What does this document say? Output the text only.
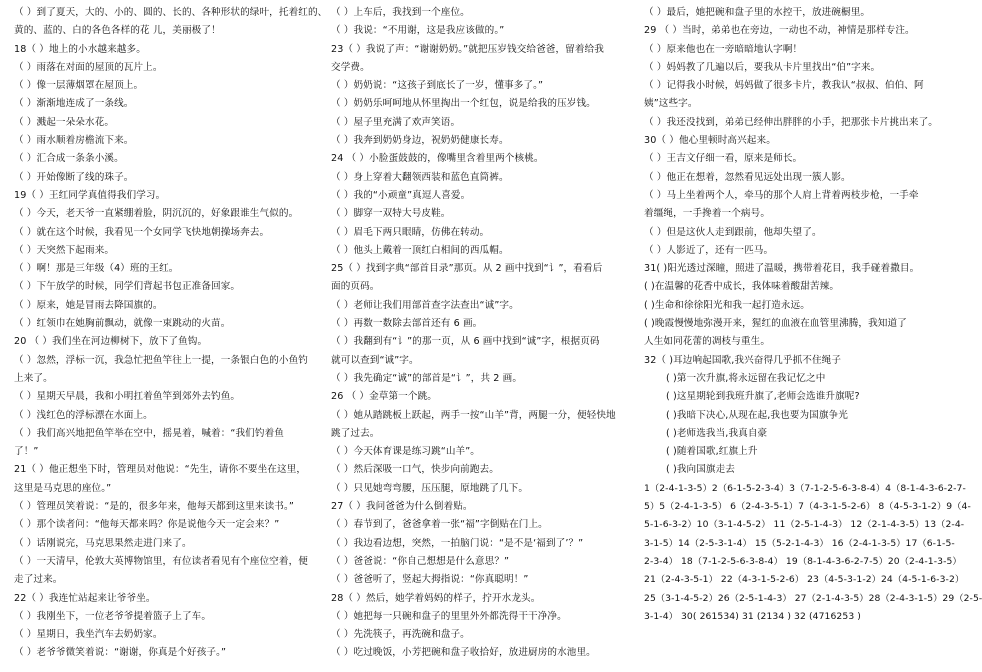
（ ）到了夏天，大的、小的、圆的、长的、各种形状的绿叶，托着红的、
黄的、蓝的、白的各色各样的花 儿，美丽极了！
18（ ）地上的小水越来越多。
（ ）雨落在对面的屋顶的瓦片上。
（ ）像一层薄烟罩在屋顶上。
（ ）渐渐地连成了一条线。
（ ）溅起一朵朵水花。
（ ）雨水顺着房檐流下来。
（ ）汇合成一条条小溪。
（ ）开始像断了线的珠子。
19（ ）王红同学真值得我们学习。
（ ）今天，老天爷一直紧绷着脸，阴沉沉的，好象跟谁生气似的。
（ ）就在这个时候，我看见一个女同学飞快地朝操场奔去。
（ ）天突然下起雨来。
（ ）啊！那是三年级（4）班的王红。
（ ）下午放学的时候，同学们背起书包正准备回家。
（ ）原来，她是冒雨去降国旗的。
（ ）红领巾在她胸前飘动，就像一束跳动的火苗。
20 （ ）我们坐在河边柳树下，放下了鱼钩。
（ ）忽然，浮标一沉，我急忙把鱼竿往上一提，一条银白色的小鱼钓
上来了。
（ ）星期天早晨，我和小明扛着鱼竿到郊外去钓鱼。
（ ）浅红色的浮标漂在水面上。
（ ）我们高兴地把鱼竿举在空中，摇晃着，喊着：“我们钓着鱼
了！”
21（ ）他正想坐下时，管理员对他说：“先生，请你不要坐在这里，
这里是马克思的座位。”
（ ）管理员笑着说：“是的，很多年来，他每天都到这里来读书。”
（ ）那个读者问：“他每天都来吗？你是说他今天一定会来？”
（ ）话刚说完，马克思果然走进门来了。
（ ）一天清早，伦敦大英博物馆里，有位读者看见有个座位空着，便
走了过来。
22（ ）我连忙站起来让爷爷坐。
（ ）我刚坐下，一位老爷爷提着篮子上了车。
（ ）星期日，我坐汽车去奶奶家。
（ ）老爷爷微笑着说：“谢谢，你真是个好孩子。”
（ ）上车后，我找到一个座位。
（ ）我说：“不用谢，这是我应该做的。”
23（ ）我说了声：“谢谢奶奶。”就把压岁钱交给爸爸，留着给我
交学费。
（ ）奶奶说：“这孩子到底长了一岁，懂事多了。”
（ ）奶奶乐呵呵地从怀里掏出一个红包，说是给我的压岁钱。
（ ）屋子里充满了欢声笑语。
（ ）我奔到奶奶身边，祝奶奶健康长寿。
24 （ ）小脸蛋鼓鼓的，像嘴里含着里两个核桃。
（ ）身上穿着大翻领西装和蓝色直筒裤。
（ ）我的“小顽童”真逗人喜爱。
（ ）脚穿一双特大号皮鞋。
（ ）眉毛下两只眼睛，仿佛在转动。
（ ）他头上戴着一顶红白相间的西瓜帽。
25（ ）找到字典“部首目录”那页。从 2 画中找到“讠”，看看后
面的页码。
（ ）老师让我们用部首查字法查出“诚”字。
（ ）再数一数除去部首还有 6 画。
（ ）我翻到有“讠”的那一页，从 6 画中找到“诚”字，根据页码
就可以查到“诚”字。
（ ）我先确定“诚”的部首是“讠”，共 2 画。
26 （ ）金草第一个跳。
（ ）她从踏跳板上跃起，两手一按“山羊”背，两腿一分，便轻快地
跳了过去。
（ ）今天体育课是练习跳“山羊”。
（ ）然后深吸一口气，快步向前跑去。
（ ）只见她弯弯腰，压压腿，原地跳了几下。
27（ ）我问爸爸为什么倒着贴。
（ ）春节到了，爸爸拿着一张“福”字倒贴在门上。
（ ）我边看边想，突然，一拍脑门说：“是不是‘福到了’？”
（ ）爸爸说：“你自己想想是什么意思？”
（ ）爸爸听了，竖起大拇指说：“你真聪明！”
28（ ）然后，她学着妈妈的样子，拧开水龙头。
（ ）她把每一只碗和盘子的里里外外都洗得干干净净。
（ ）先洗筷子，再洗碗和盘子。
（ ）吃过晚饭，小芳把碗和盘子收拾好，放进厨房的水池里。
（ ）最后，她把碗和盘子里的水控干，放进碗橱里。
29 （ ）当时，弟弟也在旁边，一动也不动，神情是那样专注。
（ ）原来他也在一旁暗暗地认字啊！
（ ）妈妈教了几遍以后，要我从卡片里找出“伯”字来。
（ ）记得我小时候，妈妈做了很多卡片，教我认“叔叔、伯伯、阿
姨”这些字。
（ ）我还没找到，弟弟已经伸出胖胖的小手，把那张卡片挑出来了。
30（ ）他心里顿时高兴起来。
（ ）王吉文仔细一看，原来是师长。
（ ）他正在想着，忽然看见远处出现一簇人影。
（ ）马上坐着两个人，牵马的那个人肩上背着两枝步枪，一手牵
着缰绳，一手搀着一个病号。
（ ）但是这伙人走到跟前，他却失望了。
（ ）人影近了，还有一匹马。
31( )阳光透过深瞳，照进了温暖，携带着花目，我手碰着撒目。
( )在温馨的花香中成长，我体味着酸甜苦辣。
( )生命和徐徐阳光和我一起打造永远。
( )晚霞慢慢地弥漫开来，猩红的血液在血管里沸腾，我知道了
人生如同花蕾的凋枝与重生。
32（ )耳边响起国歌,我兴奋得几乎抓不住绳子
( )第一次升旗,将永远留在我记忆之中
( )这星期轮到我班升旗了,老师会选谁升旗呢?
( )我暗下决心,从现在起,我也要为国旗争光
( )老师选我当,我真自豪
( )随着国歌,红旗上升
( )我向国旗走去
1（2-4-1-3-5）2（6-1-5-2-3-4）3（7-1-2-5-6-3-8-4）4（8-1-4-3-6-2-7-
5）5（2-4-1-3-5） 6（2-4-3-5-1）7（4-3-1-5-2-6） 8（4-5-3-1-2）9（4-
5-1-6-3-2）10（3-1-4-5-2） 11（2-5-1-4-3） 12（2-1-4-3-5）13（2-4-
3-1-5）14（2-5-3-1-4） 15（5-2-1-4-3） 16（2-4-1-3-5）17（6-1-5-
2-3-4） 18（7-1-2-5-6-3-8-4） 19（8-1-4-3-6-2-7-5）20（2-4-1-3-5）
21（2-4-3-5-1） 22（4-3-1-5-2-6） 23（4-5-3-1-2）24（4-5-1-6-3-2）
25（3-1-4-5-2）26（2-5-1-4-3） 27（2-1-4-3-5）28（2-4-3-1-5）29（2-5-
3-1-4） 30( 261534) 31 (2134 ) 32 (4716253 )
